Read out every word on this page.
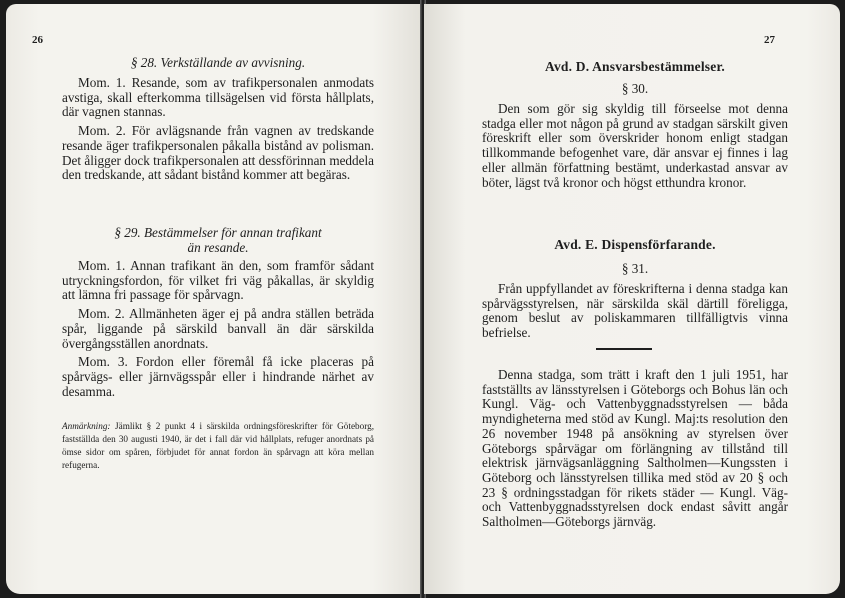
26
§ 28. Verkställande av avvisning.

Mom. 1. Resande, som av trafikpersonalen anmodats avstiga, skall efterkomma tillsägelsen vid första hållplats, där vagnen stannas.

Mom. 2. För avlägsnande från vagnen av tredskande resande äger trafikpersonalen påkalla bistånd av polisman. Det åligger dock trafikpersonalen att dessförinnan meddela den tredskande, att sådant bistånd kommer att begäras.

§ 29. Bestämmelser för annan trafikant
än resande.

Mom. 1. Annan trafikant än den, som framför sådant utryckningsfordon, för vilket fri väg påkallas, är skyldig att lämna fri passage för spårvagn.

Mom. 2. Allmänheten äger ej på andra ställen beträda spår, liggande på särskild banvall än där särskilda övergångsställen anordnats.

Mom. 3. Fordon eller föremål få icke placeras på spårvägs- eller järnvägsspår eller i hindrande närhet av desamma.

Anmärkning: Jämlikt § 2 punkt 4 i särskilda ordningsföreskrifter för Göteborg, fastställda den 30 augusti 1940, är det i fall där vid hållplats, refuger anordnats på ömse sidor om spåren, förbjudet för annat fordon än spårvagn att köra mellan refugerna.
27
Avd. D. Ansvarsbestämmelser.
§ 30.

Den som gör sig skyldig till förseelse mot denna stadga eller mot någon på grund av stadgan särskilt given föreskrift eller som överskrider honom enligt stadgan tillkommande befogenhet vare, där ansvar ej finnes i lag eller allmän författning bestämt, underkastad ansvar av böter, lägst två kronor och högst etthundra kronor.

Avd. E. Dispensförfarande.
§ 31.

Från uppfyllandet av föreskrifterna i denna stadga kan spårvägsstyrelsen, när särskilda skäl därtill föreligga, genom beslut av poliskammaren tillfälligtvis vinna befrielse.

Denna stadga, som trätt i kraft den 1 juli 1951, har fastställts av länsstyrelsen i Göteborgs och Bohus län och Kungl. Väg- och Vattenbyggnadsstyrelsen — båda myndigheterna med stöd av Kungl. Maj:ts resolution den 26 november 1948 på ansökning av styrelsen över Göteborgs spårvägar om förlängning av tillstånd till elektrisk järnvägsanläggning Saltholmen—Kungssten i Göteborg och länsstyrelsen tillika med stöd av 20 § och 23 § ordningsstadgan för rikets städer — Kungl. Väg- och Vattenbyggnadsstyrelsen dock endast såvitt angår Saltholmen—Göteborgs järnväg.
